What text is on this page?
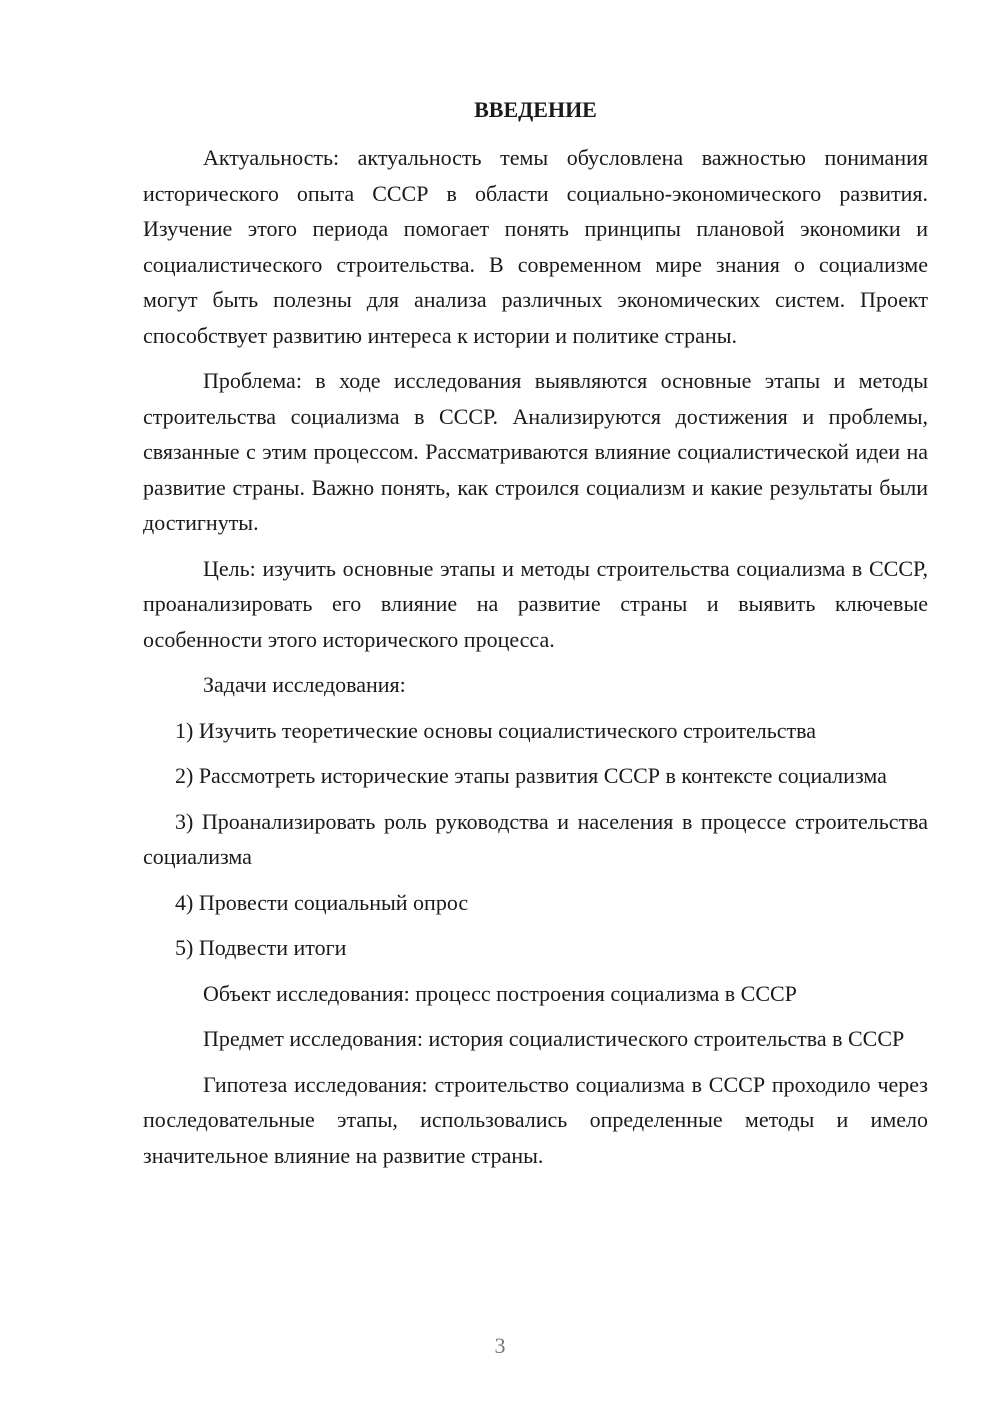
ВВЕДЕНИЕ

Актуальность: актуальность темы обусловлена важностью понимания исторического опыта СССР в области социально-экономического развития. Изучение этого периода помогает понять принципы плановой экономики и социалистического строительства. В современном мире знания о социализме могут быть полезны для анализа различных экономических систем. Проект способствует развитию интереса к истории и политике страны.

Проблема: в ходе исследования выявляются основные этапы и методы строительства социализма в СССР. Анализируются достижения и проблемы, связанные с этим процессом. Рассматриваются влияние социалистической идеи на развитие страны. Важно понять, как строился социализм и какие результаты были достигнуты.

Цель: изучить основные этапы и методы строительства социализма в СССР, проанализировать его влияние на развитие страны и выявить ключевые особенности этого исторического процесса.

Задачи исследования:

1) Изучить теоретические основы социалистического строительства

2) Рассмотреть исторические этапы развития СССР в контексте социализма

3) Проанализировать роль руководства и населения в процессе строительства социализма

4) Провести социальный опрос

5) Подвести итоги

Объект исследования: процесс построения социализма в СССР

Предмет исследования: история социалистического строительства в СССР

Гипотеза исследования: строительство социализма в СССР проходило через последовательные этапы, использовались определенные методы и имело значительное влияние на развитие страны.

3
